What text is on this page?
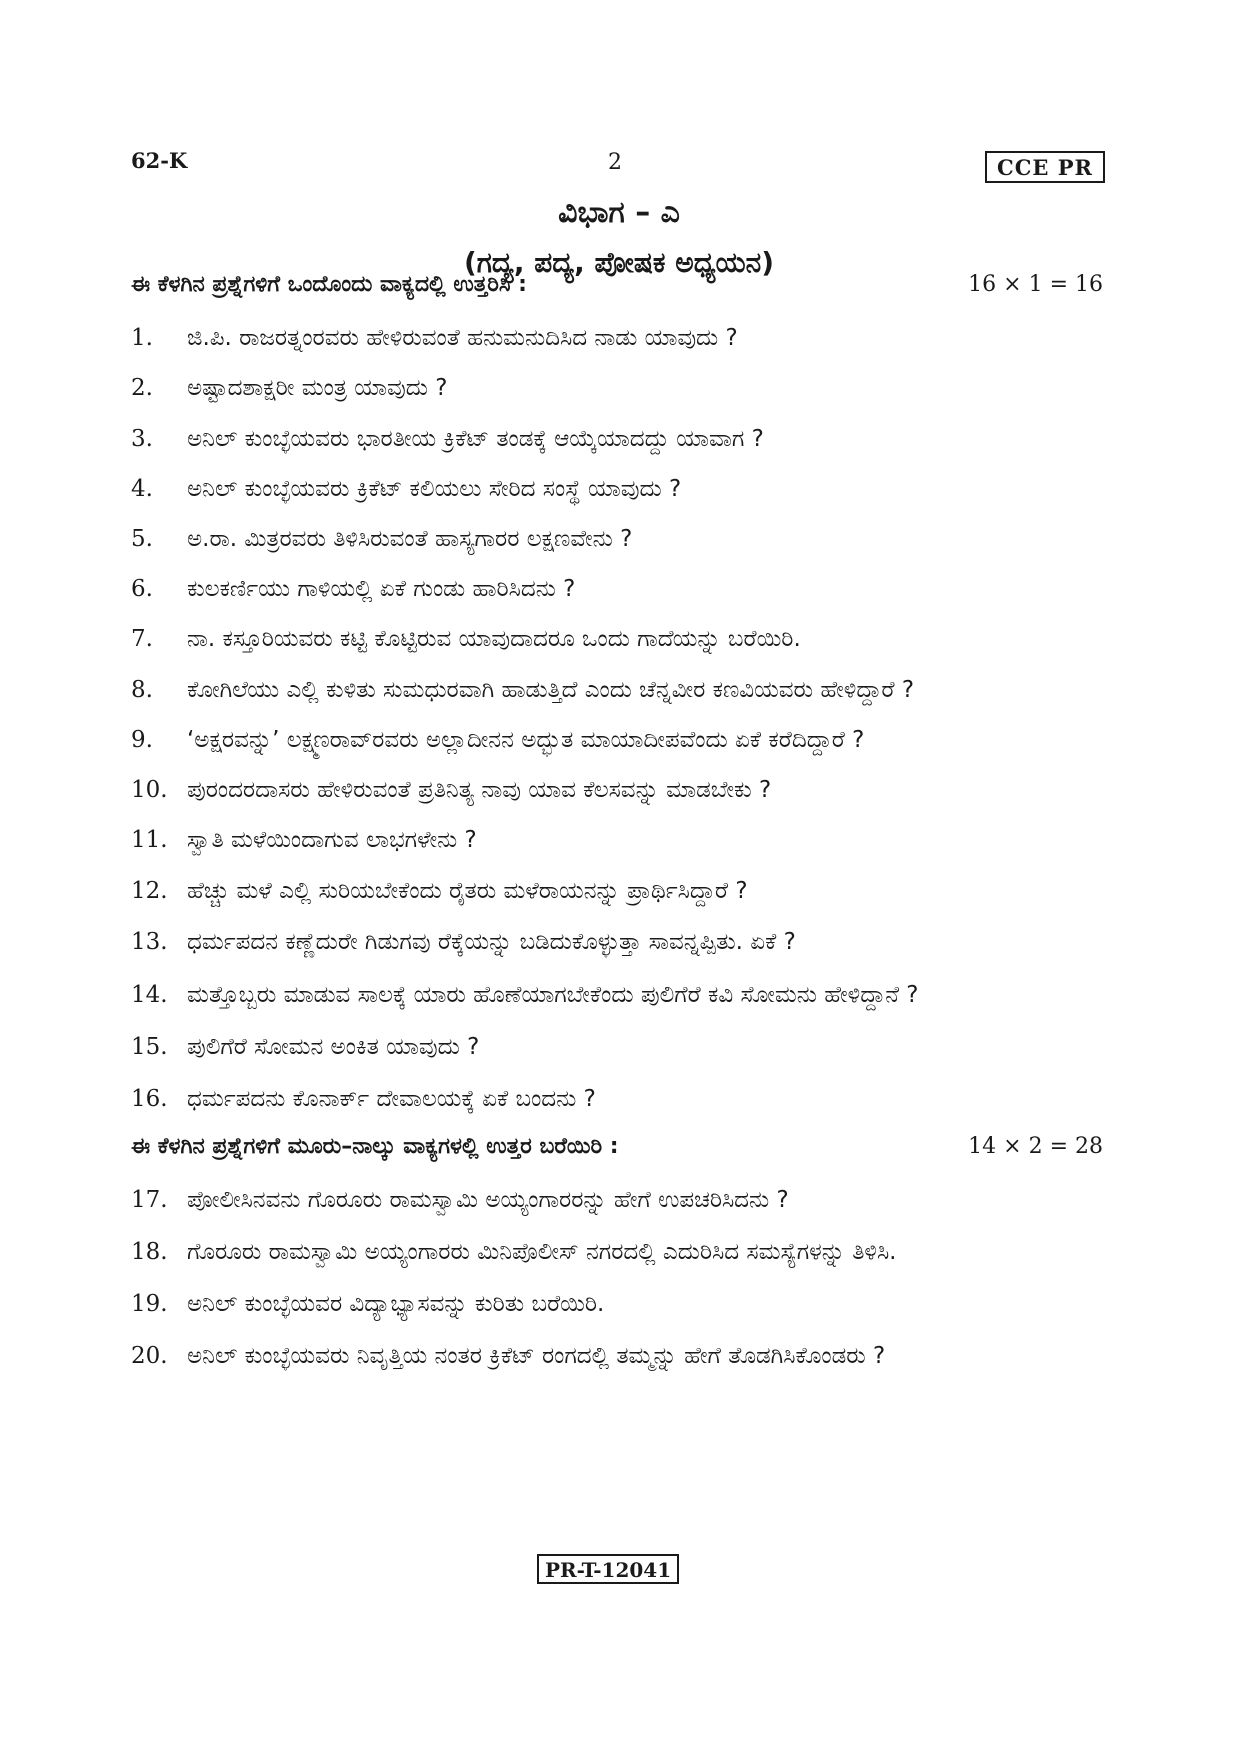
62-K	2	CCE PR
ವಿಭಾಗ – ಎ
(ಗದ್ಯ, ಪದ್ಯ, ಪೋಷಕ ಅಧ್ಯಯನ)
ಈ ಕೆಳಗಿನ ಪ್ರಶ್ನೆಗಳಿಗೆ ಒಂದೊಂದು ವಾಕ್ಯದಲ್ಲಿ ಉತ್ತರಿಸಿ :	16 × 1 = 16
1. ಜಿ.ಪಿ. ರಾಜರತ್ನಂರವರು ಹೇಳಿರುವಂತೆ ಹನುಮನುದಿಸಿದ ನಾಡು ಯಾವುದು ?
2. ಅಷ್ಟಾದಶಾಕ್ಷರೀ ಮಂತ್ರ ಯಾವುದು ?
3. ಅನಿಲ್ ಕುಂಬ್ಳೆಯವರು ಭಾರತೀಯ ಕ್ರಿಕೆಟ್ ತಂಡಕ್ಕೆ ಆಯ್ಕೆಯಾದದ್ದು ಯಾವಾಗ ?
4. ಅನಿಲ್ ಕುಂಬ್ಳೆಯವರು ಕ್ರಿಕೆಟ್ ಕಲಿಯಲು ಸೇರಿದ ಸಂಸ್ಥೆ ಯಾವುದು ?
5. ಅ.ರಾ. ಮಿತ್ರರವರು ತಿಳಿಸಿರುವಂತೆ ಹಾಸ್ಯಗಾರರ ಲಕ್ಷಣವೇನು ?
6. ಕುಲಕರ್ಣಿಯು ಗಾಳಿಯಲ್ಲಿ ಏಕೆ ಗುಂಡು ಹಾರಿಸಿದನು ?
7. ನಾ. ಕಸ್ತೂರಿಯವರು ಕಟ್ಟಿ ಕೊಟ್ಟಿರುವ ಯಾವುದಾದರೂ ಒಂದು ಗಾದೆಯನ್ನು ಬರೆಯಿರಿ.
8. ಕೋಗಿಲೆಯು ಎಲ್ಲಿ ಕುಳಿತು ಸುಮಧುರವಾಗಿ ಹಾಡುತ್ತಿದೆ ಎಂದು ಚೆನ್ನವೀರ ಕಣವಿಯವರು ಹೇಳಿದ್ದಾರೆ ?
9. ‘ಅಕ್ಷರವನ್ನು’ ಲಕ್ಷ್ಮಣರಾವ್‌ರವರು ಅಲ್ಲಾದೀನನ ಅದ್ಭುತ ಮಾಯಾದೀಪವೆಂದು ಏಕೆ ಕರೆದಿದ್ದಾರೆ ?
10. ಪುರಂದರದಾಸರು ಹೇಳಿರುವಂತೆ ಪ್ರತಿನಿತ್ಯ ನಾವು ಯಾವ ಕೆಲಸವನ್ನು ಮಾಡಬೇಕು ?
11. ಸ್ವಾತಿ ಮಳೆಯಿಂದಾಗುವ ಲಾಭಗಳೇನು ?
12. ಹೆಚ್ಚು ಮಳೆ ಎಲ್ಲಿ ಸುರಿಯಬೇಕೆಂದು ರೈತರು ಮಳೆರಾಯನನ್ನು ಪ್ರಾರ್ಥಿಸಿದ್ದಾರೆ ?
13. ಧರ್ಮಪದನ ಕಣ್ಣೆದುರೇ ಗಿಡುಗವು ರೆಕ್ಕೆಯನ್ನು ಬಡಿದುಕೊಳ್ಳುತ್ತಾ ಸಾವನ್ನಪ್ಪಿತು. ಏಕೆ ?
14. ಮತ್ತೊಬ್ಬರು ಮಾಡುವ ಸಾಲಕ್ಕೆ ಯಾರು ಹೊಣೆಯಾಗಬೇಕೆಂದು ಪುಲಿಗೆರೆ ಕವಿ ಸೋಮನು ಹೇಳಿದ್ದಾನೆ ?
15. ಪುಲಿಗೆರೆ ಸೋಮನ ಅಂಕಿತ ಯಾವುದು ?
16. ಧರ್ಮಪದನು ಕೊನಾರ್ಕ್ ದೇವಾಲಯಕ್ಕೆ ಏಕೆ ಬಂದನು ?
ಈ ಕೆಳಗಿನ ಪ್ರಶ್ನೆಗಳಿಗೆ ಮೂರು–ನಾಲ್ಕು ವಾಕ್ಯಗಳಲ್ಲಿ ಉತ್ತರ ಬರೆಯಿರಿ :	14 × 2 = 28
17. ಪೋಲೀಸಿನವನು ಗೊರೂರು ರಾಮಸ್ವಾಮಿ ಅಯ್ಯಂಗಾರರನ್ನು ಹೇಗೆ ಉಪಚರಿಸಿದನು ?
18. ಗೊರೂರು ರಾಮಸ್ವಾಮಿ ಅಯ್ಯಂಗಾರರು ಮಿನಿಪೊಲೀಸ್ ನಗರದಲ್ಲಿ ಎದುರಿಸಿದ ಸಮಸ್ಯೆಗಳನ್ನು ತಿಳಿಸಿ.
19. ಅನಿಲ್ ಕುಂಬ್ಳೆಯವರ ವಿದ್ಯಾಭ್ಯಾಸವನ್ನು ಕುರಿತು ಬರೆಯಿರಿ.
20. ಅನಿಲ್ ಕುಂಬ್ಳೆಯವರು ನಿವೃತ್ತಿಯ ನಂತರ ಕ್ರಿಕೆಟ್ ರಂಗದಲ್ಲಿ ತಮ್ಮನ್ನು ಹೇಗೆ ತೊಡಗಿಸಿಕೊಂಡರು ?
PR-T-12041
